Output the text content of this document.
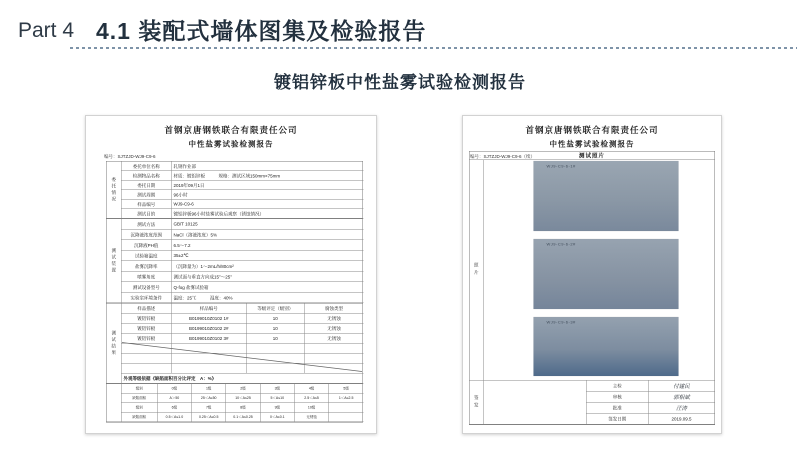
Part 4 4.1 装配式墙体图集及检验报告
镀铝锌板中性盐雾试验检测报告
首钢京唐钢铁联合有限责任公司
中性盐雾试验检测报告
编号：SJTZJD-WJ9-C9-6
委托情况
委托单位名称	轧钢作业部
检测物品名称	材质：镀铝锌板　　　规格：测试区域150mm×75mm
委托日期	2019年09月1日
测试周期	96小时
样品编号	WJ9-C9-6
测试目的	镀铝锌板96小时盐雾试验后观察（锈蚀情况）
测试装置
测试方法	GB/T 10125
沉降液浓度范围	NaCl（溶液浓度）5%
沉降液PH值	6.5～7.2
试验箱温度	35±2℃
盐雾沉降率	（沉降量为）1～2mL/h/80cm²
喷雾角度	测试面与垂直方向成15°～25°
测试设备型号	Q-fog 盐雾试验箱
实验室环境条件	温度：25℃　　　湿度：40%
测试结果
样品描述	样品编号	等级评定（级别）	腐蚀类型
镀铝锌板	B0199010Z0102 1#	10	无锈蚀
镀铝锌板	B0199010Z0102 2#	10	无锈蚀
镀铝锌板	B0199010Z0102 3#	10	无锈蚀
外观等级依据《缺陷面积百分比评定　A：%》
级别	0级	1级	2级	3级	4级	5级
缺陷面积	A＞50	25＜A≤50	10＜A≤25	5＜A≤10	2.5＜A≤5	1＜A≤2.5
级别	6级	7级	8级	9级	10级
缺陷面积	0.5＜A≤1.0	0.25＜A≤0.5	0.1＜A≤0.25	0＜A≤0.1	无锈蚀
首钢京唐钢铁联合有限责任公司
中性盐雾试验检测报告
编号：SJTZJD-WJ9-C9-6（续）	测试照片
照片
WJ9-C9-6-1#
WJ9-C9-6-2#
WJ9-C9-6-3#
签发
主检	付建民
审核	郭相斌
批准	汪涛
签发日期	2019.09.5
